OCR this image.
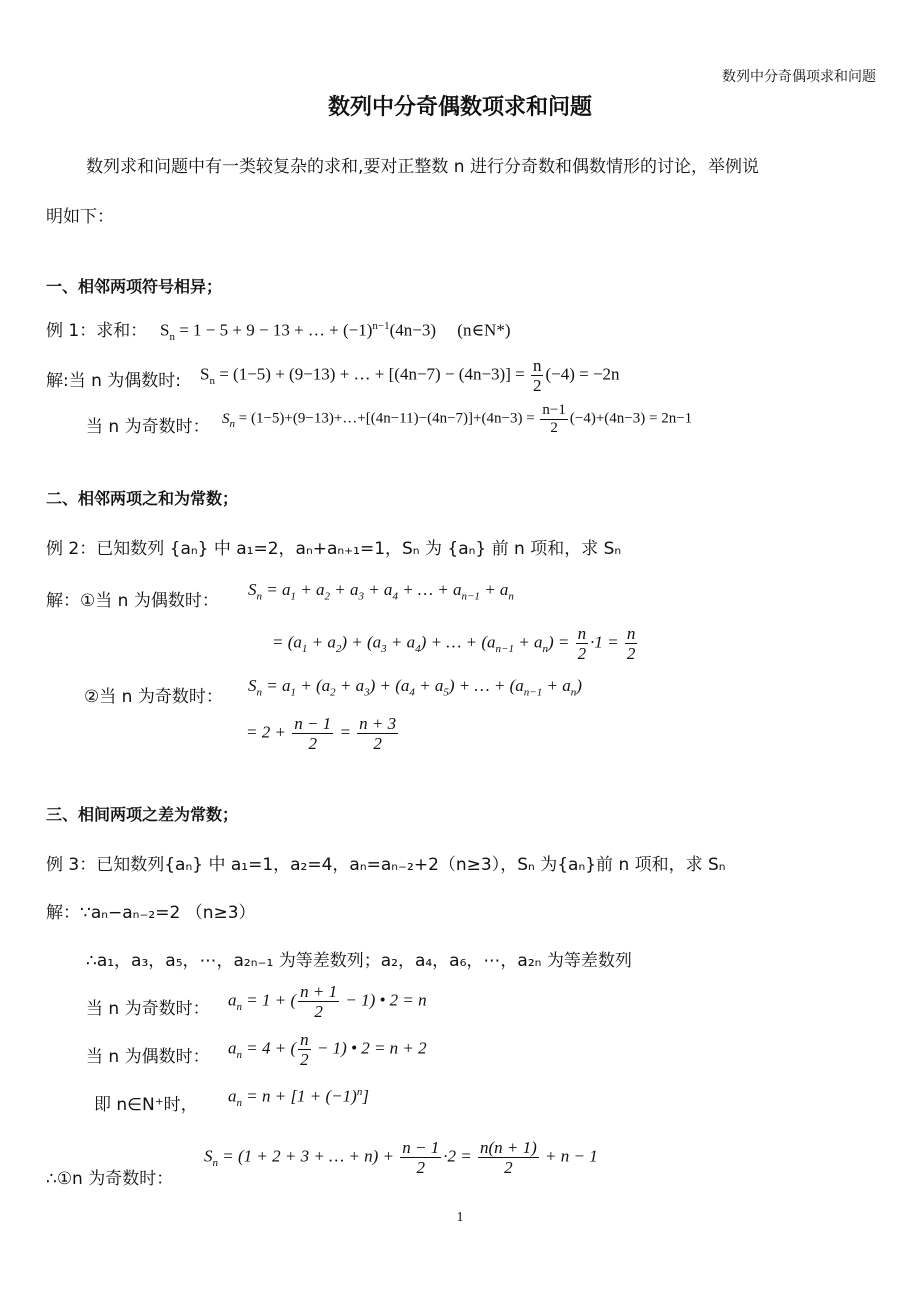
数列中分奇偶项求和问题
数列中分奇偶数项求和问题
数列求和问题中有一类较复杂的求和,要对正整数 n 进行分奇数和偶数情形的讨论，举例说
明如下：
一、相邻两项符号相异；
例 1：求和： $S_n = 1 - 5 + 9 - 13$ + … + $(-1)^{n-1}(4n-3)$     (n∈N*)
解:当 n 为偶数时: $S_n = (1-5) + (9-13)$ + … + $[(4n-7) - (4n-3)] = \frac{n}{2} (-4) = -2n$
当 n 为奇数时： $S_n$ = (1−5)+(9−13)+…+[(4n−11)−(4n−7)]+(4n−3) = $\frac{n-1}{2} (-4)+(4n-3) = 2n-1$
二、相邻两项之和为常数；
例 2：已知数列 {aₙ} 中 a₁=2，aₙ+aₙ₊₁=1，Sₙ 为 {aₙ} 前 n 项和，求 Sₙ
解：①当 n 为偶数时：
$S_n = a_1 + a_2 + a_3 + a_4$ + … + $a_{n-1} + a_n$
= $(a_1 + a_2) + (a_3 + a_4)$ + … + $(a_{n-1} + a_n) = \frac{n}{2} \cdot 1 = \frac{n}{2}$
②当 n 为奇数时：
$S_n = a_1 + (a_2 + a_3) + (a_4 + a_5)$ + … + $(a_{n-1} + a_n)$
= $2 + \frac{n - 1}{2} = \frac{n + 3}{2}$
三、相间两项之差为常数；
例 3：已知数列{aₙ} 中 a₁=1，a₂=4，aₙ=aₙ₋₂+2（n≥3），Sₙ 为{aₙ}前 n 项和，求 Sₙ
解：∵aₙ−aₙ₋₂=2 （n≥3）
∴a₁，a₃，a₅，⋯，a₂ₙ₋₁ 为等差数列；a₂，a₄，a₆，⋯，a₂ₙ 为等差数列
当 n 为奇数时： $a_n = 1$ + ( $\frac{n + 1}{2} - 1$) • 2 = n
当 n 为偶数时： $a_n = 4$ + ( $\frac{n}{2} - 1$) • 2 = n + 2
即 n∈N⁺时， $a_n = n + [1 + (-1)^n]$
∴①n 为奇数时：
$S_n = (1 + 2 + 3$ + … + $n) + \frac{n - 1}{2} \cdot 2 = \frac{n(n + 1)}{2} + n - 1$
1
